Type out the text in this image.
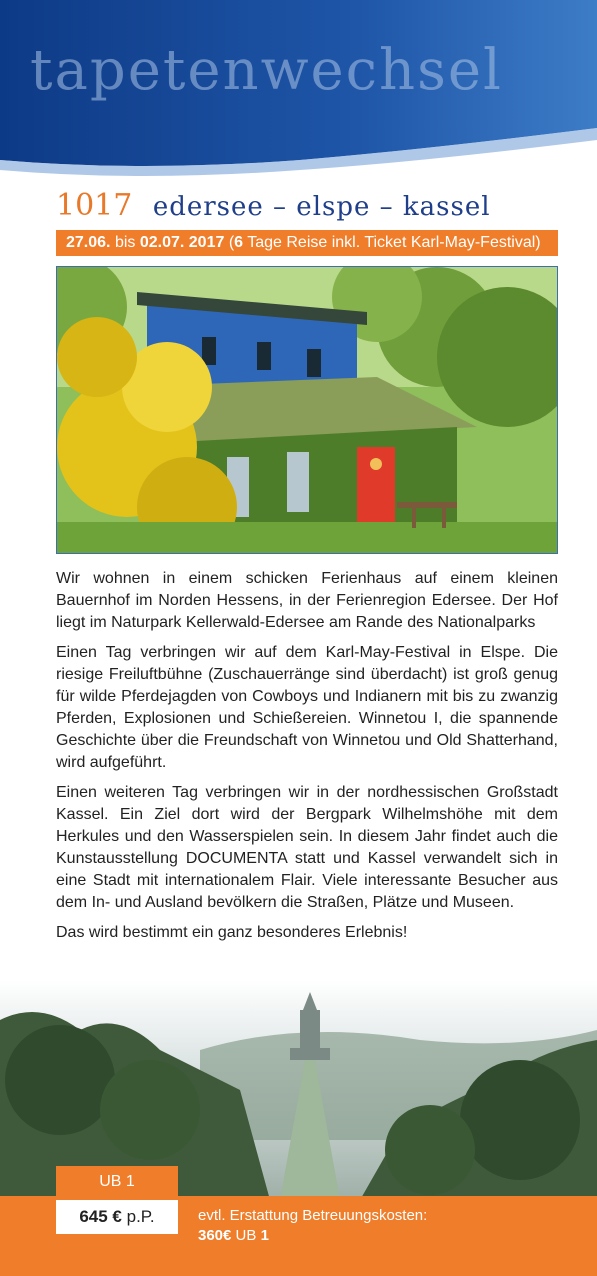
tapetenwechsel
1017 edersee – elspe – kassel
27.06. bis 02.07. 2017 (6 Tage Reise inkl. Ticket Karl-May-Festival)

Wir wohnen in einem schicken Ferienhaus auf einem kleinen Bauernhof im Norden Hessens, in der Ferienregion Edersee. Der Hof liegt im Naturpark Kellerwald-Edersee am Rande des Nationalparks

Einen Tag verbringen wir auf dem Karl-May-Festival in Elspe. Die riesige Freiluftbühne (Zuschauerränge sind überdacht) ist groß genug für wilde Pferdejagden von Cowboys und Indianern mit bis zu zwanzig Pferden, Explosionen und Schießereien. Winnetou I, die spannende Geschichte über die Freundschaft von Winnetou und Old Shatterhand, wird aufgeführt.

Einen weiteren Tag verbringen wir in der nordhessischen Großstadt Kassel. Ein Ziel dort wird der Bergpark Wilhelmshöhe mit dem Herkules und den Wasserspielen sein. In diesem Jahr findet auch die Kunstausstellung DOCUMENTA statt und Kassel verwandelt sich in eine Stadt mit internationalem Flair. Viele interessante Besucher aus dem In- und Ausland bevölkern die Straßen, Plätze und Museen.

Das wird bestimmt ein ganz besonderes Erlebnis!

UB 1
645 € p.P.	evtl. Erstattung Betreuungskosten:
360€ UB 1
